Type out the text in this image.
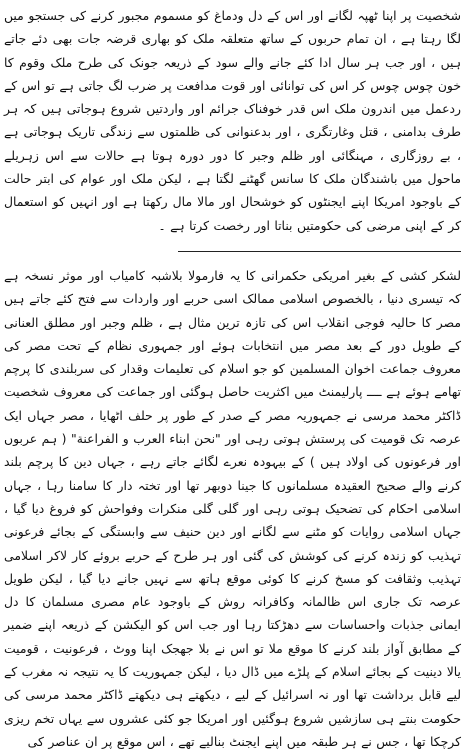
شخصیت پر اپنا ٹھپہ لگانے اور اس کے دل ودماغ کو مسموم مجبور کرنے کی جستجو میں لگا رہتا ہے ، ان تمام حربوں کے ساتھ متعلقہ ملک کو بھاری قرضہ جات بھی دئے جاتے ہیں ، اور جب ہر سال ادا کئے جانے والے سود کے ذریعہ جونک کی طرح ملک وقوم کا خون چوس چوس کر اس کی توانائی اور قوت مدافعت پر ضرب لگ جاتی ہے تو اس کے ردعمل میں اندرون ملک اس قدر خوفناک جرائم اور واردتیں شروع ہوجاتی ہیں کہ ہر طرف بدامنی ، قتل وغارتگری ، اور بدعنوانی کی ظلمتوں سے زندگی تاریک ہوجاتی ہے ، بے روزگاری ، مہنگائی اور ظلم وجبر کا دور دورہ ہوتا ہے حالات سے اس زہریلے ماحول میں باشندگان ملک کا سانس گھٹنے لگتا ہے ، لیکن ملک اور عوام کی ابتر حالت کے باوجود امریکا اپنے ایجنٹوں کو خوشحال اور مالا مال رکھتا ہے اور انہیں کو استعمال کر کے اپنی مرضی کی حکومتیں بناتا اور رخصت کرتا ہے ۔

لشکر کشی کے بغیر امریکی حکمرانی کا یہ فارمولا بلاشبہ کامیاب اور موثر نسخہ ہے کہ تیسری دنیا ، بالخصوص اسلامی ممالک اسی حربے اور واردات سے فتح کئے جاتے ہیں مصر کا حالیہ فوجی انقلاب اس کی تازہ ترین مثال ہے ، ظلم وجبر اور مطلق العنانی کے طویل دور کے بعد مصر میں انتخابات ہوئے اور جمہوری نظام کے تحت مصر کی معروف جماعت اخوان المسلمین کو جو اسلام کی تعلیمات وقدار کی سربلندی کا پرچم تھامے ہوئے ہے ــــ پارلیمنٹ میں اکثریت حاصل ہوگئی اور جماعت کی معروف شخصیت ڈاکٹر محمد مرسی نے جمہوریہ مصر کے صدر کے طور پر حلف اٹھایا ، مصر جہاں ایک عرصہ تک قومیت کی پرستش ہوتی رہی اور "نحن ابناء العرب و الفراعنة" ( ہم عربوں اور فرعونوں کی اولاد ہیں ) کے بیہودہ نعرے لگائے جاتے رہے ، جہاں دین کا پرچم بلند کرنے والے صحیح العقیدہ مسلمانوں کا جینا دوبھر تھا اور تختہ دار کا سامنا رہا ، جہاں اسلامی احکام کی تضحیک ہوتی رہی اور گلی گلی منکرات وفواحش کو فروغ دیا گیا ، جہاں اسلامی روایات کو مٹنے سے لگانے اور دین حنیف سے وابستگی کے بجائے فرعونی تہذیب کو زندہ کرنے کی کوشش کی گئی اور ہر طرح کے حربے بروئے کار لاکر اسلامی تہذیب وثقافت کو مسخ کرنے کا کوئی موقع ہاتھ سے نہیں جانے دیا گیا ، لیکن طویل عرصہ تک جاری اس ظالمانہ وکافرانہ روش کے باوجود عام مصری مسلمان کا دل ایمانی جذبات واحساسات سے دھڑکتا رہا اور جب اس کو الیکشن کے ذریعہ اپنے ضمیر کے مطابق آواز بلند کرنے کا موقع ملا تو اس نے بلا جھجک اپنا ووٹ ، فرعونیت ، قومیت یالا دینیت کے بجائے اسلام کے پلڑے میں ڈال دیا ، لیکن جمہوریت کا یہ نتیجہ نہ مغرب کے لیے قابل برداشت تھا اور نہ اسرائیل کے لیے ، دیکھتے ہی دیکھتے ڈاکٹر محمد مرسی کی حکومت بنتے ہی سازشیں شروع ہوگئیں اور امریکا جو کئی عشروں سے یہاں تخم ریزی کرچکا تھا ، جس نے ہر طبقہ میں اپنے ایجنٹ بنالیے تھے ، اس موقع پر ان عناصر کی
